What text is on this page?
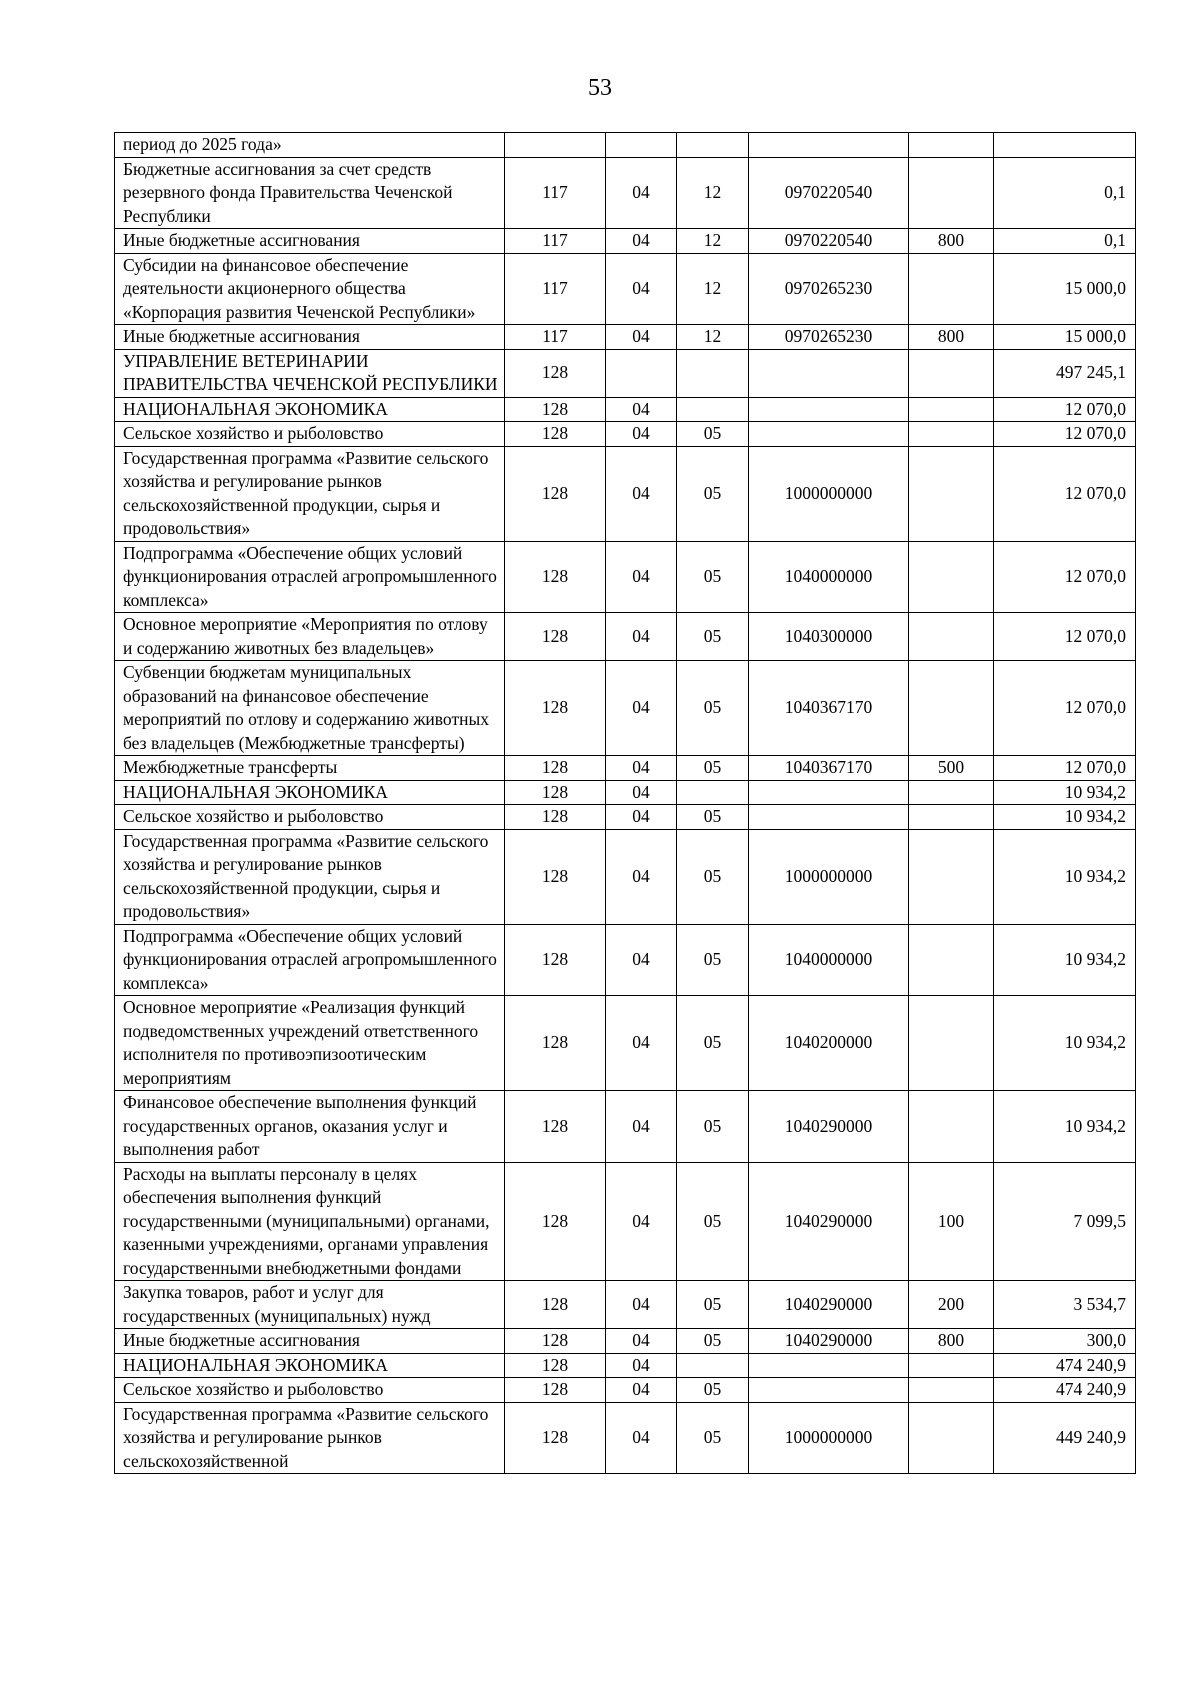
53
период до 2025 года»						
Бюджетные ассигнования за счет средств резервного фонда Правительства Чеченской Республики	117	04	12	0970220540		0,1
Иные бюджетные ассигнования	117	04	12	0970220540	800	0,1
Субсидии на финансовое обеспечение деятельности акционерного общества «Корпорация развития Чеченской Республики»	117	04	12	0970265230		15 000,0
Иные бюджетные ассигнования	117	04	12	0970265230	800	15 000,0
УПРАВЛЕНИЕ ВЕТЕРИНАРИИ ПРАВИТЕЛЬСТВА ЧЕЧЕНСКОЙ РЕСПУБЛИКИ	128					497 245,1
НАЦИОНАЛЬНАЯ ЭКОНОМИКА	128	04				12 070,0
Сельское хозяйство и рыболовство	128	04	05			12 070,0
Государственная программа «Развитие сельского хозяйства и регулирование рынков сельскохозяйственной продукции, сырья и продовольствия»	128	04	05	1000000000		12 070,0
Подпрограмма «Обеспечение общих условий функционирования отраслей агропромышленного комплекса»	128	04	05	1040000000		12 070,0
Основное мероприятие «Мероприятия по отлову и содержанию животных без владельцев»	128	04	05	1040300000		12 070,0
Субвенции бюджетам муниципальных образований на финансовое обеспечение мероприятий по отлову и содержанию животных без владельцев (Межбюджетные трансферты)	128	04	05	1040367170		12 070,0
Межбюджетные трансферты	128	04	05	1040367170	500	12 070,0
НАЦИОНАЛЬНАЯ ЭКОНОМИКА	128	04				10 934,2
Сельское хозяйство и рыболовство	128	04	05			10 934,2
Государственная программа «Развитие сельского хозяйства и регулирование рынков сельскохозяйственной продукции, сырья и продовольствия»	128	04	05	1000000000		10 934,2
Подпрограмма «Обеспечение общих условий функционирования отраслей агропромышленного комплекса»	128	04	05	1040000000		10 934,2
Основное мероприятие «Реализация функций подведомственных учреждений ответственного исполнителя по противоэпизоотическим мероприятиям	128	04	05	1040200000		10 934,2
Финансовое обеспечение выполнения функций государственных органов, оказания услуг и выполнения работ	128	04	05	1040290000		10 934,2
Расходы на выплаты персоналу в целях обеспечения выполнения функций государственными (муниципальными) органами, казенными учреждениями, органами управления государственными внебюджетными фондами	128	04	05	1040290000	100	7 099,5
Закупка товаров, работ и услуг для государственных (муниципальных) нужд	128	04	05	1040290000	200	3 534,7
Иные бюджетные ассигнования	128	04	05	1040290000	800	300,0
НАЦИОНАЛЬНАЯ ЭКОНОМИКА	128	04				474 240,9
Сельское хозяйство и рыболовство	128	04	05			474 240,9
Государственная программа «Развитие сельского хозяйства и регулирование рынков сельскохозяйственной	128	04	05	1000000000		449 240,9
